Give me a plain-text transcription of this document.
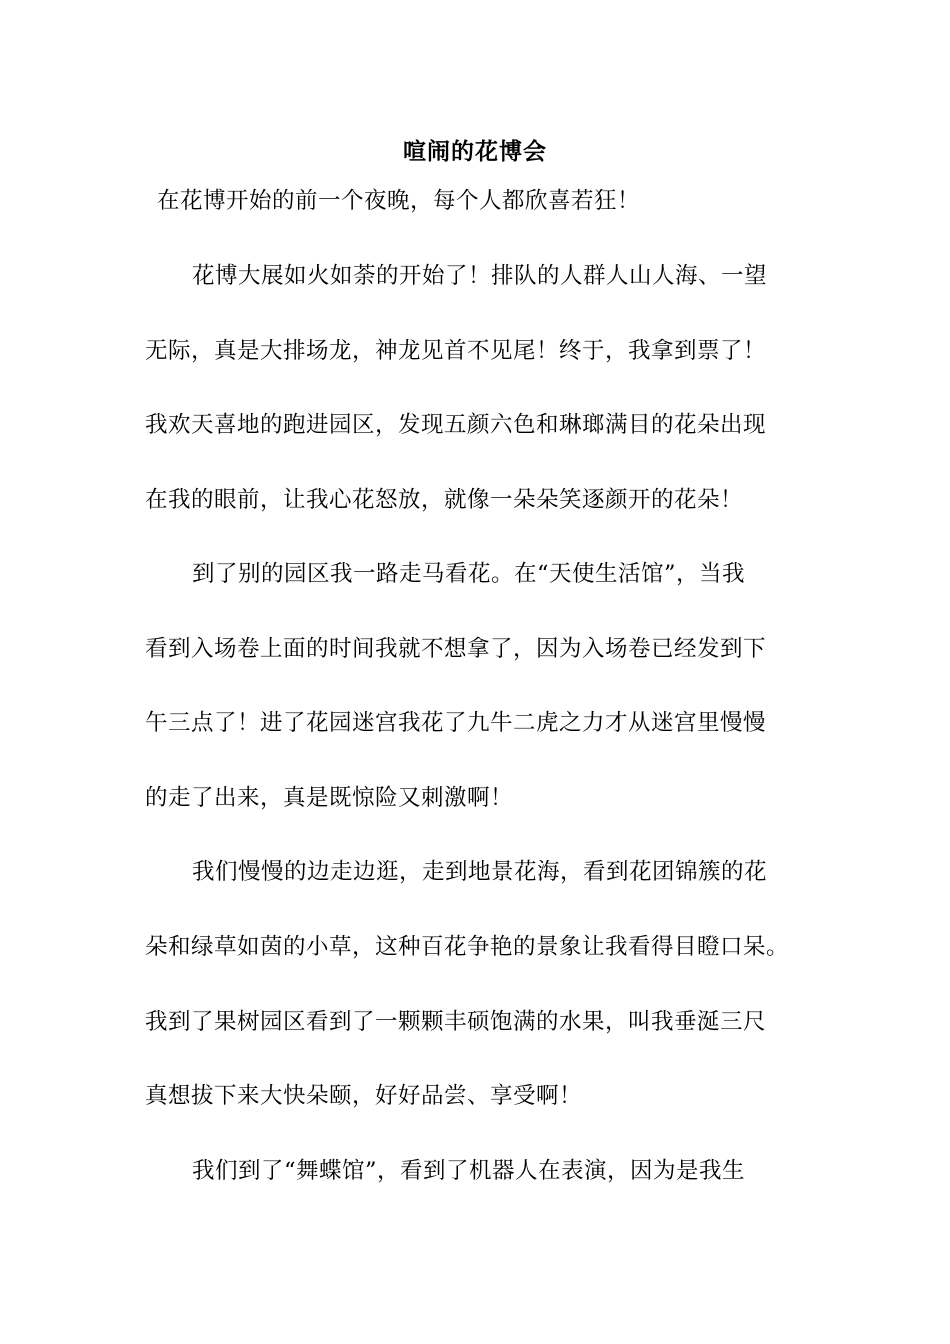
喧闹的花博会
在花博开始的前一个夜晚，每个人都欣喜若狂！
花博大展如火如荼的开始了！排队的人群人山人海、一望
无际，真是大排场龙，神龙见首不见尾！终于，我拿到票了！
我欢天喜地的跑进园区，发现五颜六色和琳瑯满目的花朵出现
在我的眼前，让我心花怒放，就像一朵朵笑逐颜开的花朵！
到了别的园区我一路走马看花。在“天使生活馆”，当我
看到入场卷上面的时间我就不想拿了，因为入场卷已经发到下
午三点了！进了花园迷宫我花了九牛二虎之力才从迷宫里慢慢
的走了出来，真是既惊险又刺激啊！
我们慢慢的边走边逛，走到地景花海，看到花团锦簇的花
朵和绿草如茵的小草，这种百花争艳的景象让我看得目瞪口呆。
我到了果树园区看到了一颗颗丰硕饱满的水果，叫我垂涎三尺
真想拔下来大快朵颐，好好品尝、享受啊！
我们到了“舞蝶馆”，看到了机器人在表演，因为是我生
